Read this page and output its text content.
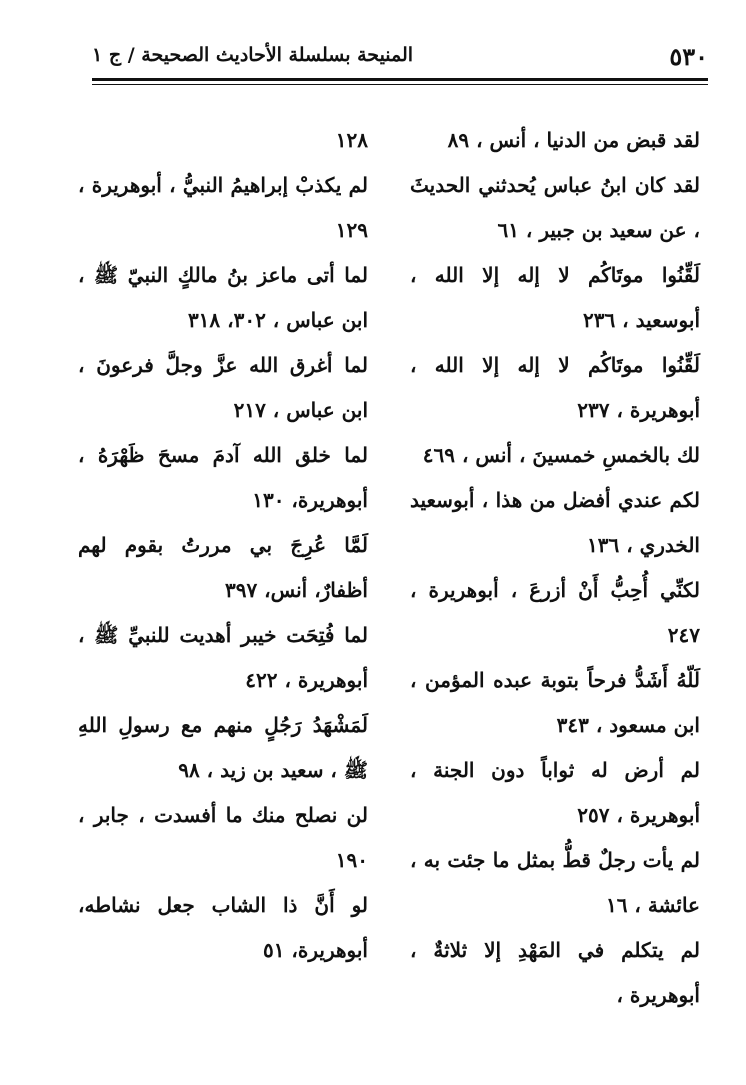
٥٣٠
المنيحة بسلسلة الأحاديث الصحيحة / ج ١
لقد قبض من الدنيا ، أنس ، ٨٩
لقد كان ابنُ عباس يُحدثني الحديثَ ، عن سعيد بن جبير ، ٦١
لَقِّنُوا موتَاكُم لا إله إلا الله ، أبوسعيد ، ٢٣٦
لَقِّنُوا موتَاكُم لا إله إلا الله ، أبوهريرة ، ٢٣٧
لك بالخمسِ خمسينَ ، أنس ، ٤٦٩
لكم عندي أفضل من هذا ، أبوسعيد الخدري ، ١٣٦
لكنِّي أُحِبُّ أَنْ أزرعَ ، أبوهريرة ، ٢٤٧
لَلّهُ أَشَدُّ فرحاً بتوبة عبده المؤمن ، ابن مسعود ، ٣٤٣
لم أرض له ثواباً دون الجنة ، أبوهريرة ، ٢٥٧
لم يأت رجلٌ قطُّ بمثل ما جئت به ، عائشة ، ١٦
لم يتكلم في المَهْدِ إلا ثلاثةٌ ، أبوهريرة ،
١٢٨
لم يكذبْ إبراهيمُ النبيُّ ، أبوهريرة ، ١٢٩
لما أتى ماعز بنُ مالكٍ النبيّ ﷺ ، ابن عباس ، ٣٠٢، ٣١٨
لما أغرق الله عزَّ وجلَّ فرعونَ ، ابن عباس ، ٢١٧
لما خلق الله آدمَ مسحَ ظَهْرَهُ ، أبوهريرة، ١٣٠
لَمَّا عُرِجَ بي مررتُ بقوم لهم أظفارٌ، أنس، ٣٩٧
لما فُتِحَت خيبر أهديت للنبيِّ ﷺ ، أبوهريرة ، ٤٢٢
لَمَشْهَدُ رَجُلٍ منهم مع رسولِ اللهِ ﷺ ، سعيد بن زيد ، ٩٨
لن نصلح منك ما أفسدت ، جابر ، ١٩٠
لو أَنَّ ذا الشاب جعل نشاطه، أبوهريرة، ٥١
